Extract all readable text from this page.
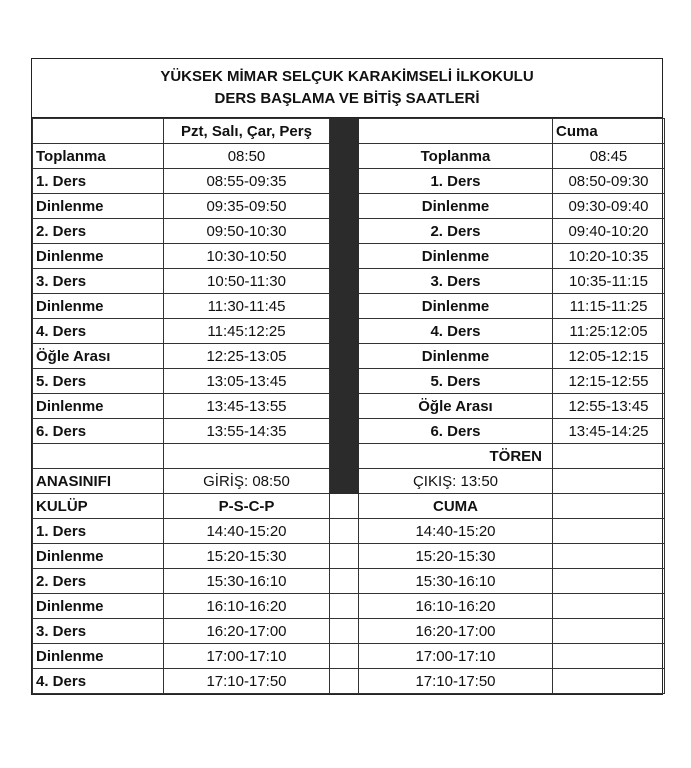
YÜKSEK MİMAR SELÇUK KARAKİMSELİ İLKOKULU
DERS BAŞLAMA VE BİTİŞ SAATLERİ
	Pzt, Salı, Çar, Perş			Cuma
Toplanma	08:50		Toplanma	08:45
1. Ders	08:55-09:35		1. Ders	08:50-09:30
Dinlenme	09:35-09:50		Dinlenme	09:30-09:40
2. Ders	09:50-10:30		2. Ders	09:40-10:20
Dinlenme	10:30-10:50		Dinlenme	10:20-10:35
3. Ders	10:50-11:30		3. Ders	10:35-11:15
Dinlenme	11:30-11:45		Dinlenme	11:15-11:25
4. Ders	11:45:12:25		4. Ders	11:25:12:05
Öğle Arası	12:25-13:05		Dinlenme	12:05-12:15
5. Ders	13:05-13:45		5. Ders	12:15-12:55
Dinlenme	13:45-13:55		Öğle Arası	12:55-13:45
6. Ders	13:55-14:35		6. Ders	13:45-14:25
			TÖREN	
ANASINIFI	GİRİŞ: 08:50		ÇIKIŞ: 13:50	
KULÜP	P-S-C-P		CUMA	
1. Ders	14:40-15:20		14:40-15:20	
Dinlenme	15:20-15:30		15:20-15:30	
2. Ders	15:30-16:10		15:30-16:10	
Dinlenme	16:10-16:20		16:10-16:20	
3. Ders	16:20-17:00		16:20-17:00	
Dinlenme	17:00-17:10		17:00-17:10	
4. Ders	17:10-17:50		17:10-17:50	
